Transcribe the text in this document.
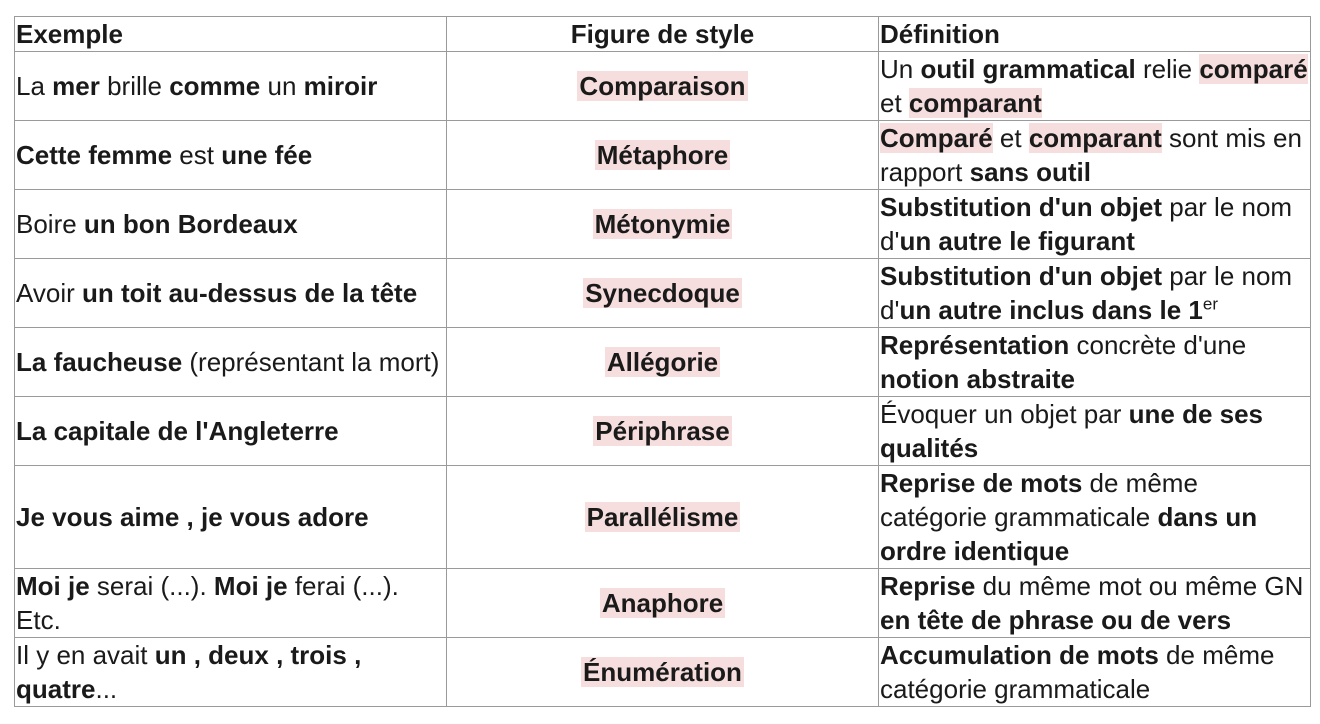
Exemple	Figure de style	Définition
La mer brille comme un miroir	Comparaison	Un outil grammatical relie comparé et comparant
Cette femme est une fée	Métaphore	Comparé et comparant sont mis en rapport sans outil
Boire un bon Bordeaux	Métonymie	Substitution d'un objet par le nom d'un autre le figurant
Avoir un toit au-dessus de la tête	Synecdoque	Substitution d'un objet par le nom d'un autre inclus dans le 1er
La faucheuse (représentant la mort)	Allégorie	Représentation concrète d'une notion abstraite
La capitale de l'Angleterre	Périphrase	Évoquer un objet par une de ses qualités
Je vous aime , je vous adore	Parallélisme	Reprise de mots de même catégorie grammaticale dans un ordre identique
Moi je serai (...). Moi je ferai (...). Etc.	Anaphore	Reprise du même mot ou même GN en tête de phrase ou de vers
Il y en avait un , deux , trois , quatre...	Énumération	Accumulation de mots de même catégorie grammaticale
